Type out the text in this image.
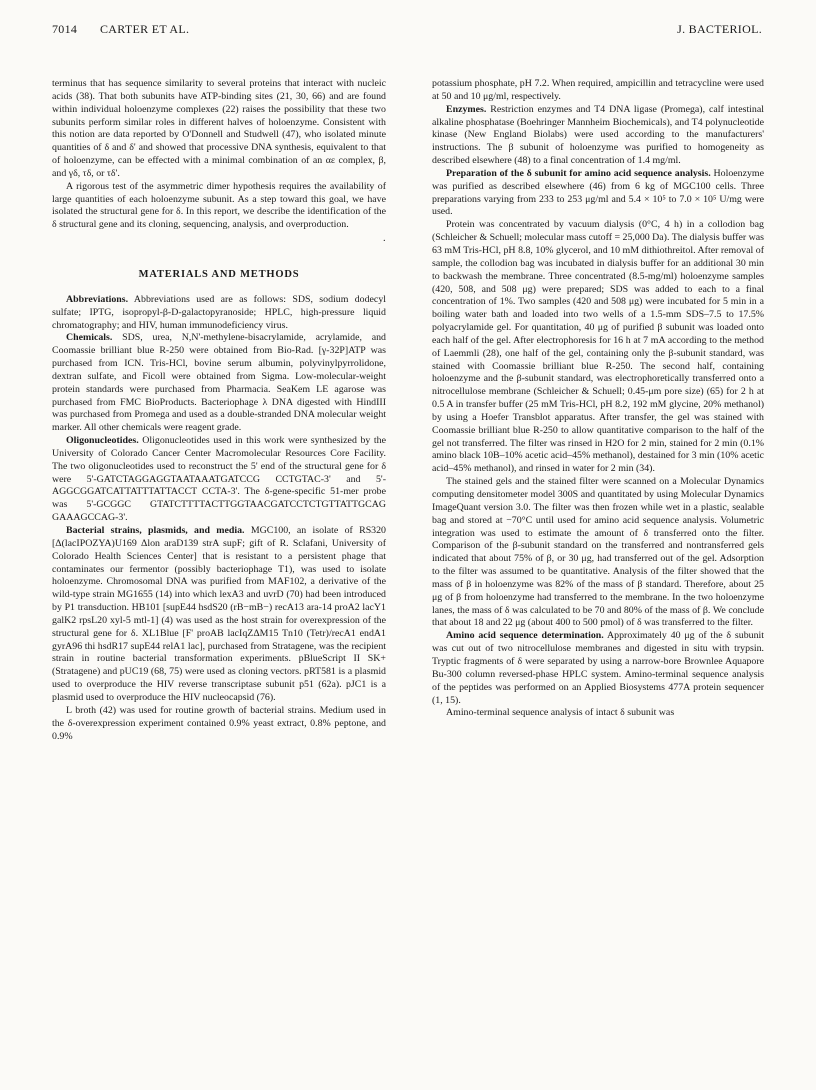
7014 CARTER ET AL.	J. BACTERIOL.

terminus that has sequence similarity to several proteins that interact with nucleic acids (38). That both subunits have ATP-binding sites (21, 30, 66) and are found within individual holoenzyme complexes (22) raises the possibility that these two subunits perform similar roles in different halves of holoenzyme. Consistent with this notion are data reported by O'Donnell and Studwell (47), who isolated minute quantities of δ and δ' and showed that processive DNA synthesis, equivalent to that of holoenzyme, can be effected with a minimal combination of an αε complex, β, and γδ, τδ, or τδ'.

A rigorous test of the asymmetric dimer hypothesis requires the availability of large quantities of each holoenzyme subunit. As a step toward this goal, we have isolated the structural gene for δ. In this report, we describe the identification of the δ structural gene and its cloning, sequencing, analysis, and overproduction.

·
MATERIALS AND METHODS

Abbreviations. Abbreviations used are as follows: SDS, sodium dodecyl sulfate; IPTG, isopropyl-β-D-galactopyranoside; HPLC, high-pressure liquid chromatography; and HIV, human immunodeficiency virus.

Chemicals. SDS, urea, N,N'-methylene-bisacrylamide, acrylamide, and Coomassie brilliant blue R-250 were obtained from Bio-Rad. [γ-32P]ATP was purchased from ICN. Tris-HCl, bovine serum albumin, polyvinylpyrrolidone, dextran sulfate, and Ficoll were obtained from Sigma. Low-molecular-weight protein standards were purchased from Pharmacia. SeaKem LE agarose was purchased from FMC BioProducts. Bacteriophage λ DNA digested with HindIII was purchased from Promega and used as a double-stranded DNA molecular weight marker. All other chemicals were reagent grade.

Oligonucleotides. Oligonucleotides used in this work were synthesized by the University of Colorado Cancer Center Macromolecular Resources Core Facility. The two oligonucleotides used to reconstruct the 5' end of the structural gene for δ were 5'-GATCTAGGAGGTAATAAATGATCCG CCTGTAC-3' and 5'-AGGCGGATCATTATTTATTACCT CCTA-3'. The δ-gene-specific 51-mer probe was 5'-GCGGC GTATCTTTTACTTGGTAACGATCCTCTGTTATTGCAG GAAAGCCAG-3'.

Bacterial strains, plasmids, and media. MGC100, an isolate of RS320 [Δ(lacIPOZYA)U169 Δlon araD139 strA supF; gift of R. Sclafani, University of Colorado Health Sciences Center] that is resistant to a persistent phage that contaminates our fermentor (possibly bacteriophage T1), was used to isolate holoenzyme. Chromosomal DNA was purified from MAF102, a derivative of the wild-type strain MG1655 (14) into which lexA3 and uvrD (70) had been introduced by P1 transduction. HB101 [supE44 hsdS20 (rB−mB−) recA13 ara-14 proA2 lacY1 galK2 rpsL20 xyl-5 mtl-1] (4) was used as the host strain for overexpression of the structural gene for δ. XL1Blue [F' proAB lacIqZΔM15 Tn10 (Tetr)/recA1 endA1 gyrA96 thi hsdR17 supE44 relA1 lac], purchased from Stratagene, was the recipient strain in routine bacterial transformation experiments. pBlueScript II SK+ (Stratagene) and pUC19 (68, 75) were used as cloning vectors. pRT581 is a plasmid used to overproduce the HIV reverse transcriptase subunit p51 (62a). pJC1 is a plasmid used to overproduce the HIV nucleocapsid (76).

L broth (42) was used for routine growth of bacterial strains. Medium used in the δ-overexpression experiment contained 0.9% yeast extract, 0.8% peptone, and 0.9%

potassium phosphate, pH 7.2. When required, ampicillin and tetracycline were used at 50 and 10 μg/ml, respectively.

Enzymes. Restriction enzymes and T4 DNA ligase (Promega), calf intestinal alkaline phosphatase (Boehringer Mannheim Biochemicals), and T4 polynucleotide kinase (New England Biolabs) were used according to the manufacturers' instructions. The β subunit of holoenzyme was purified to homogeneity as described elsewhere (48) to a final concentration of 1.4 mg/ml.

Preparation of the δ subunit for amino acid sequence analysis. Holoenzyme was purified as described elsewhere (46) from 6 kg of MGC100 cells. Three preparations varying from 233 to 253 μg/ml and 5.4 × 10⁵ to 7.0 × 10⁵ U/mg were used.

Protein was concentrated by vacuum dialysis (0°C, 4 h) in a collodion bag (Schleicher & Schuell; molecular mass cutoff = 25,000 Da). The dialysis buffer was 63 mM Tris-HCl, pH 8.8, 10% glycerol, and 10 mM dithiothreitol. After removal of sample, the collodion bag was incubated in dialysis buffer for an additional 30 min to backwash the membrane. Three concentrated (8.5-mg/ml) holoenzyme samples (420, 508, and 508 μg) were prepared; SDS was added to each to a final concentration of 1%. Two samples (420 and 508 μg) were incubated for 5 min in a boiling water bath and loaded into two wells of a 1.5-mm SDS–7.5 to 17.5% polyacrylamide gel. For quantitation, 40 μg of purified β subunit was loaded onto each half of the gel. After electrophoresis for 16 h at 7 mA according to the method of Laemmli (28), one half of the gel, containing only the β-subunit standard, was stained with Coomassie brilliant blue R-250. The second half, containing holoenzyme and the β-subunit standard, was electrophoretically transferred onto a nitrocellulose membrane (Schleicher & Schuell; 0.45-μm pore size) (65) for 2 h at 0.5 A in transfer buffer (25 mM Tris-HCl, pH 8.2, 192 mM glycine, 20% methanol) by using a Hoefer Transblot apparatus. After transfer, the gel was stained with Coomassie brilliant blue R-250 to allow quantitative comparison to the half of the gel not transferred. The filter was rinsed in H2O for 2 min, stained for 2 min (0.1% amino black 10B–10% acetic acid–45% methanol), destained for 3 min (10% acetic acid–45% methanol), and rinsed in water for 2 min (34).

The stained gels and the stained filter were scanned on a Molecular Dynamics computing densitometer model 300S and quantitated by using Molecular Dynamics ImageQuant version 3.0. The filter was then frozen while wet in a plastic, sealable bag and stored at −70°C until used for amino acid sequence analysis. Volumetric integration was used to estimate the amount of δ transferred onto the filter. Comparison of the β-subunit standard on the transferred and nontransferred gels indicated that about 75% of β, or 30 μg, had transferred out of the gel. Adsorption to the filter was assumed to be quantitative. Analysis of the filter showed that the mass of β in holoenzyme was 82% of the mass of β standard. Therefore, about 25 μg of β from holoenzyme had transferred to the membrane. In the two holoenzyme lanes, the mass of δ was calculated to be 70 and 80% of the mass of β. We conclude that about 18 and 22 μg (about 400 to 500 pmol) of δ was transferred to the filter.

Amino acid sequence determination. Approximately 40 μg of the δ subunit was cut out of two nitrocellulose membranes and digested in situ with trypsin. Tryptic fragments of δ were separated by using a narrow-bore Brownlee Aquapore Bu-300 column reversed-phase HPLC system. Amino-terminal sequence analysis of the peptides was performed on an Applied Biosystems 477A protein sequencer (1, 15).

Amino-terminal sequence analysis of intact δ subunit was
